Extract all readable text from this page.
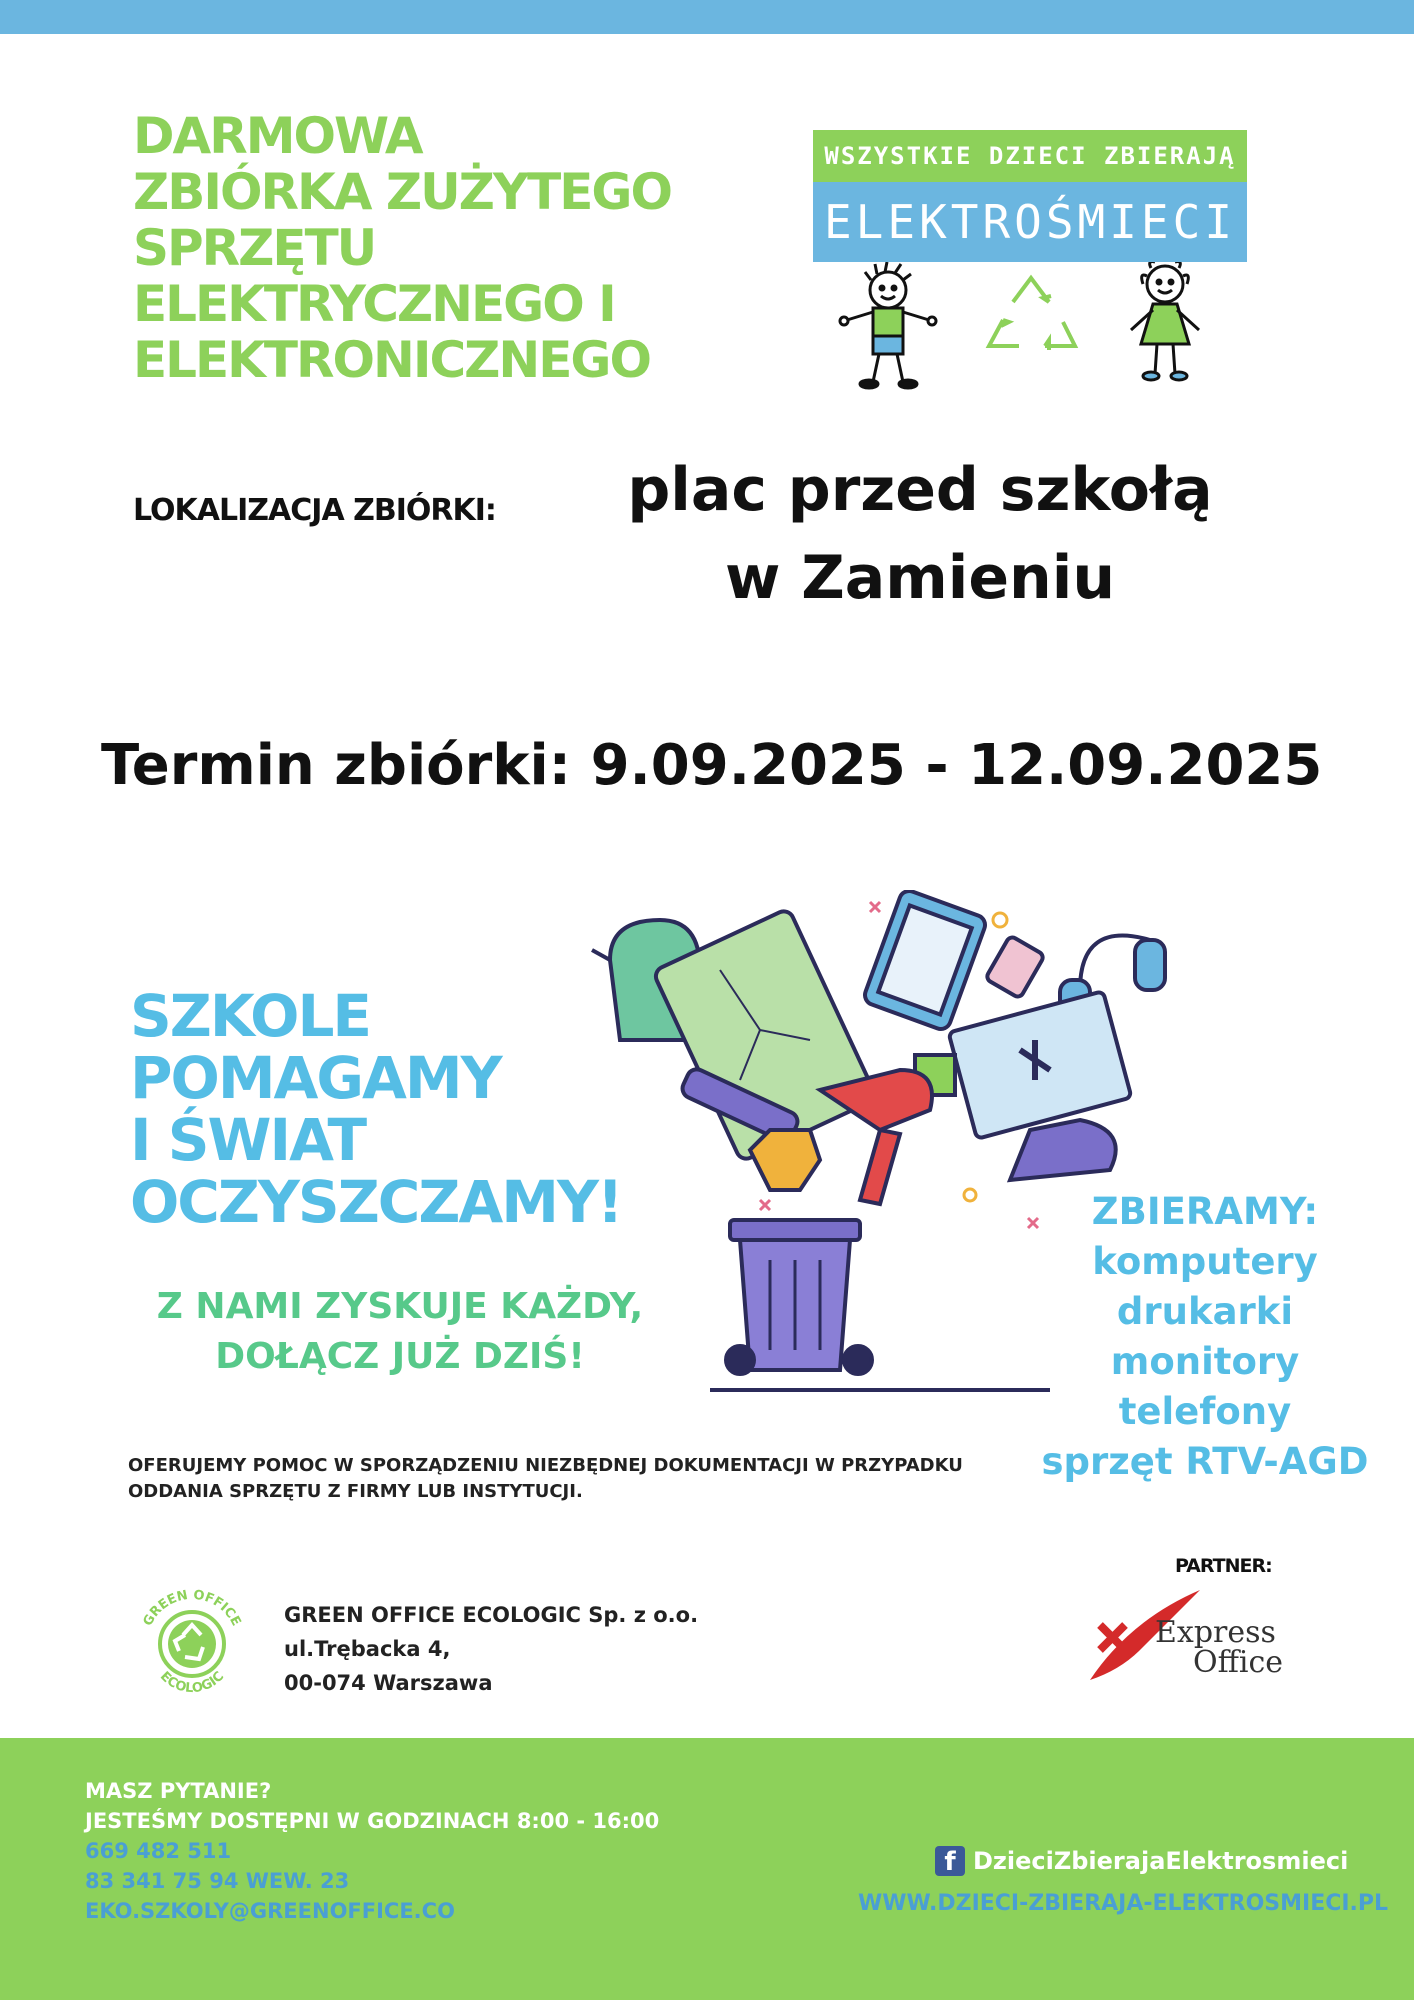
DARMOWA
ZBIÓRKA ZUŻYTEGO
SPRZĘTU
ELEKTRYCZNEGO I
ELEKTRONICZNEGO
WSZYSTKIE DZIECI ZBIERAJĄ
ELEKTROŚMIECI
LOKALIZACJA ZBIÓRKI:	plac przed szkołą
w Zamieniu
Termin zbiórki: 9.09.2025 - 12.09.2025
SZKOLE
POMAGAMY
I ŚWIAT
OCZYSZCZAMY!
Z NAMI ZYSKUJE KAŻDY,
DOŁĄCZ JUŻ DZIŚ!
ZBIERAMY:
komputery
drukarki
monitory
telefony
sprzęt RTV-AGD
OFERUJEMY POMOC W SPORZĄDZENIU NIEZBĘDNEJ DOKUMENTACJI W PRZYPADKU
ODDANIA SPRZĘTU Z FIRMY LUB INSTYTUCJI.
GREEN OFFICE
ECOLOGIC
GREEN OFFICE ECOLOGIC Sp. z o.o.
ul.Trębacka 4,
00-074 Warszawa
PARTNER:
Express
Office
MASZ PYTANIE?
JESTEŚMY DOSTĘPNI W GODZINACH 8:00 - 16:00
669 482 511
83 341 75 94 WEW. 23
EKO.SZKOLY@GREENOFFICE.CO
f DzieciZbierajaElektrosmieci
WWW.DZIECI-ZBIERAJA-ELEKTROSMIECI.PL
